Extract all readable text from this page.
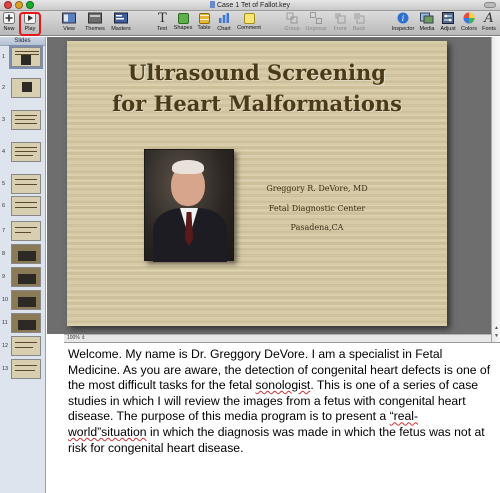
Case 1 Tet of Fallot.key
New	Play	View	Themes Masters
T
Text	Shapes Table Chart Comment	Group Ungroup Front	Back
i
Inspector Media Adjust Colors
A
Fonts
Slides
1
2
3
4
5
6
7
8
9
10
11
12
13
Ultrasound Screening
for Heart Malformations
Greggory R. DeVore, MD
Fetal Diagnostic Center
Pasadena,CA
▲
▼
100% ⇕
Welcome. My name is Dr. Greggory DeVore. I am a specialist in Fetal Medicine. As you are aware, the detection of congenital heart defects is one of the most difficult tasks for the fetal sonologist. This is one of a series of case studies in which I will review the images from a fetus with congenital heart disease. The purpose of this media program is to present a “real-world”situation in which the diagnosis was made in which the fetus was not at risk for congenital heart disease.
